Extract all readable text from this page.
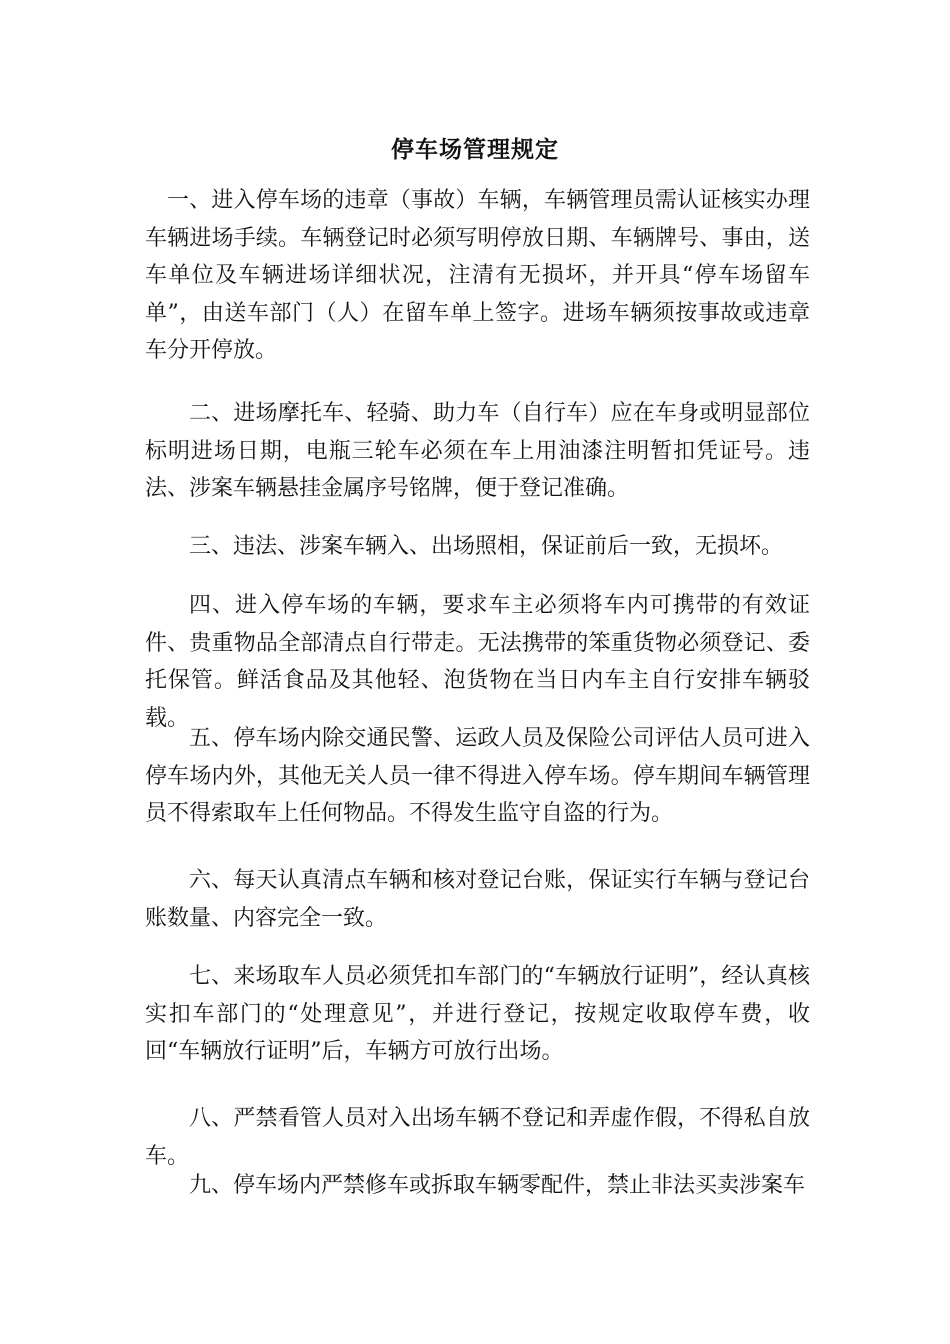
停车场管理规定

一、进入停车场的违章（事故）车辆，车辆管理员需认证核实办理车辆进场手续。车辆登记时必须写明停放日期、车辆牌号、事由，送车单位及车辆进场详细状况，注清有无损坏，并开具“停车场留车单”，由送车部门（人）在留车单上签字。进场车辆须按事故或违章车分开停放。

二、进场摩托车、轻骑、助力车（自行车）应在车身或明显部位标明进场日期，电瓶三轮车必须在车上用油漆注明暂扣凭证号。违法、涉案车辆悬挂金属序号铭牌，便于登记准确。

三、违法、涉案车辆入、出场照相，保证前后一致，无损坏。

四、进入停车场的车辆，要求车主必须将车内可携带的有效证件、贵重物品全部清点自行带走。无法携带的笨重货物必须登记、委托保管。鲜活食品及其他轻、泡货物在当日内车主自行安排车辆驳载。

五、停车场内除交通民警、运政人员及保险公司评估人员可进入停车场内外，其他无关人员一律不得进入停车场。停车期间车辆管理员不得索取车上任何物品。不得发生监守自盗的行为。

六、每天认真清点车辆和核对登记台账，保证实行车辆与登记台账数量、内容完全一致。

七、来场取车人员必须凭扣车部门的“车辆放行证明”，经认真核实扣车部门的“处理意见”，并进行登记，按规定收取停车费，收回“车辆放行证明”后，车辆方可放行出场。

八、严禁看管人员对入出场车辆不登记和弄虚作假，不得私自放车。

九、停车场内严禁修车或拆取车辆零配件，禁止非法买卖涉案车
